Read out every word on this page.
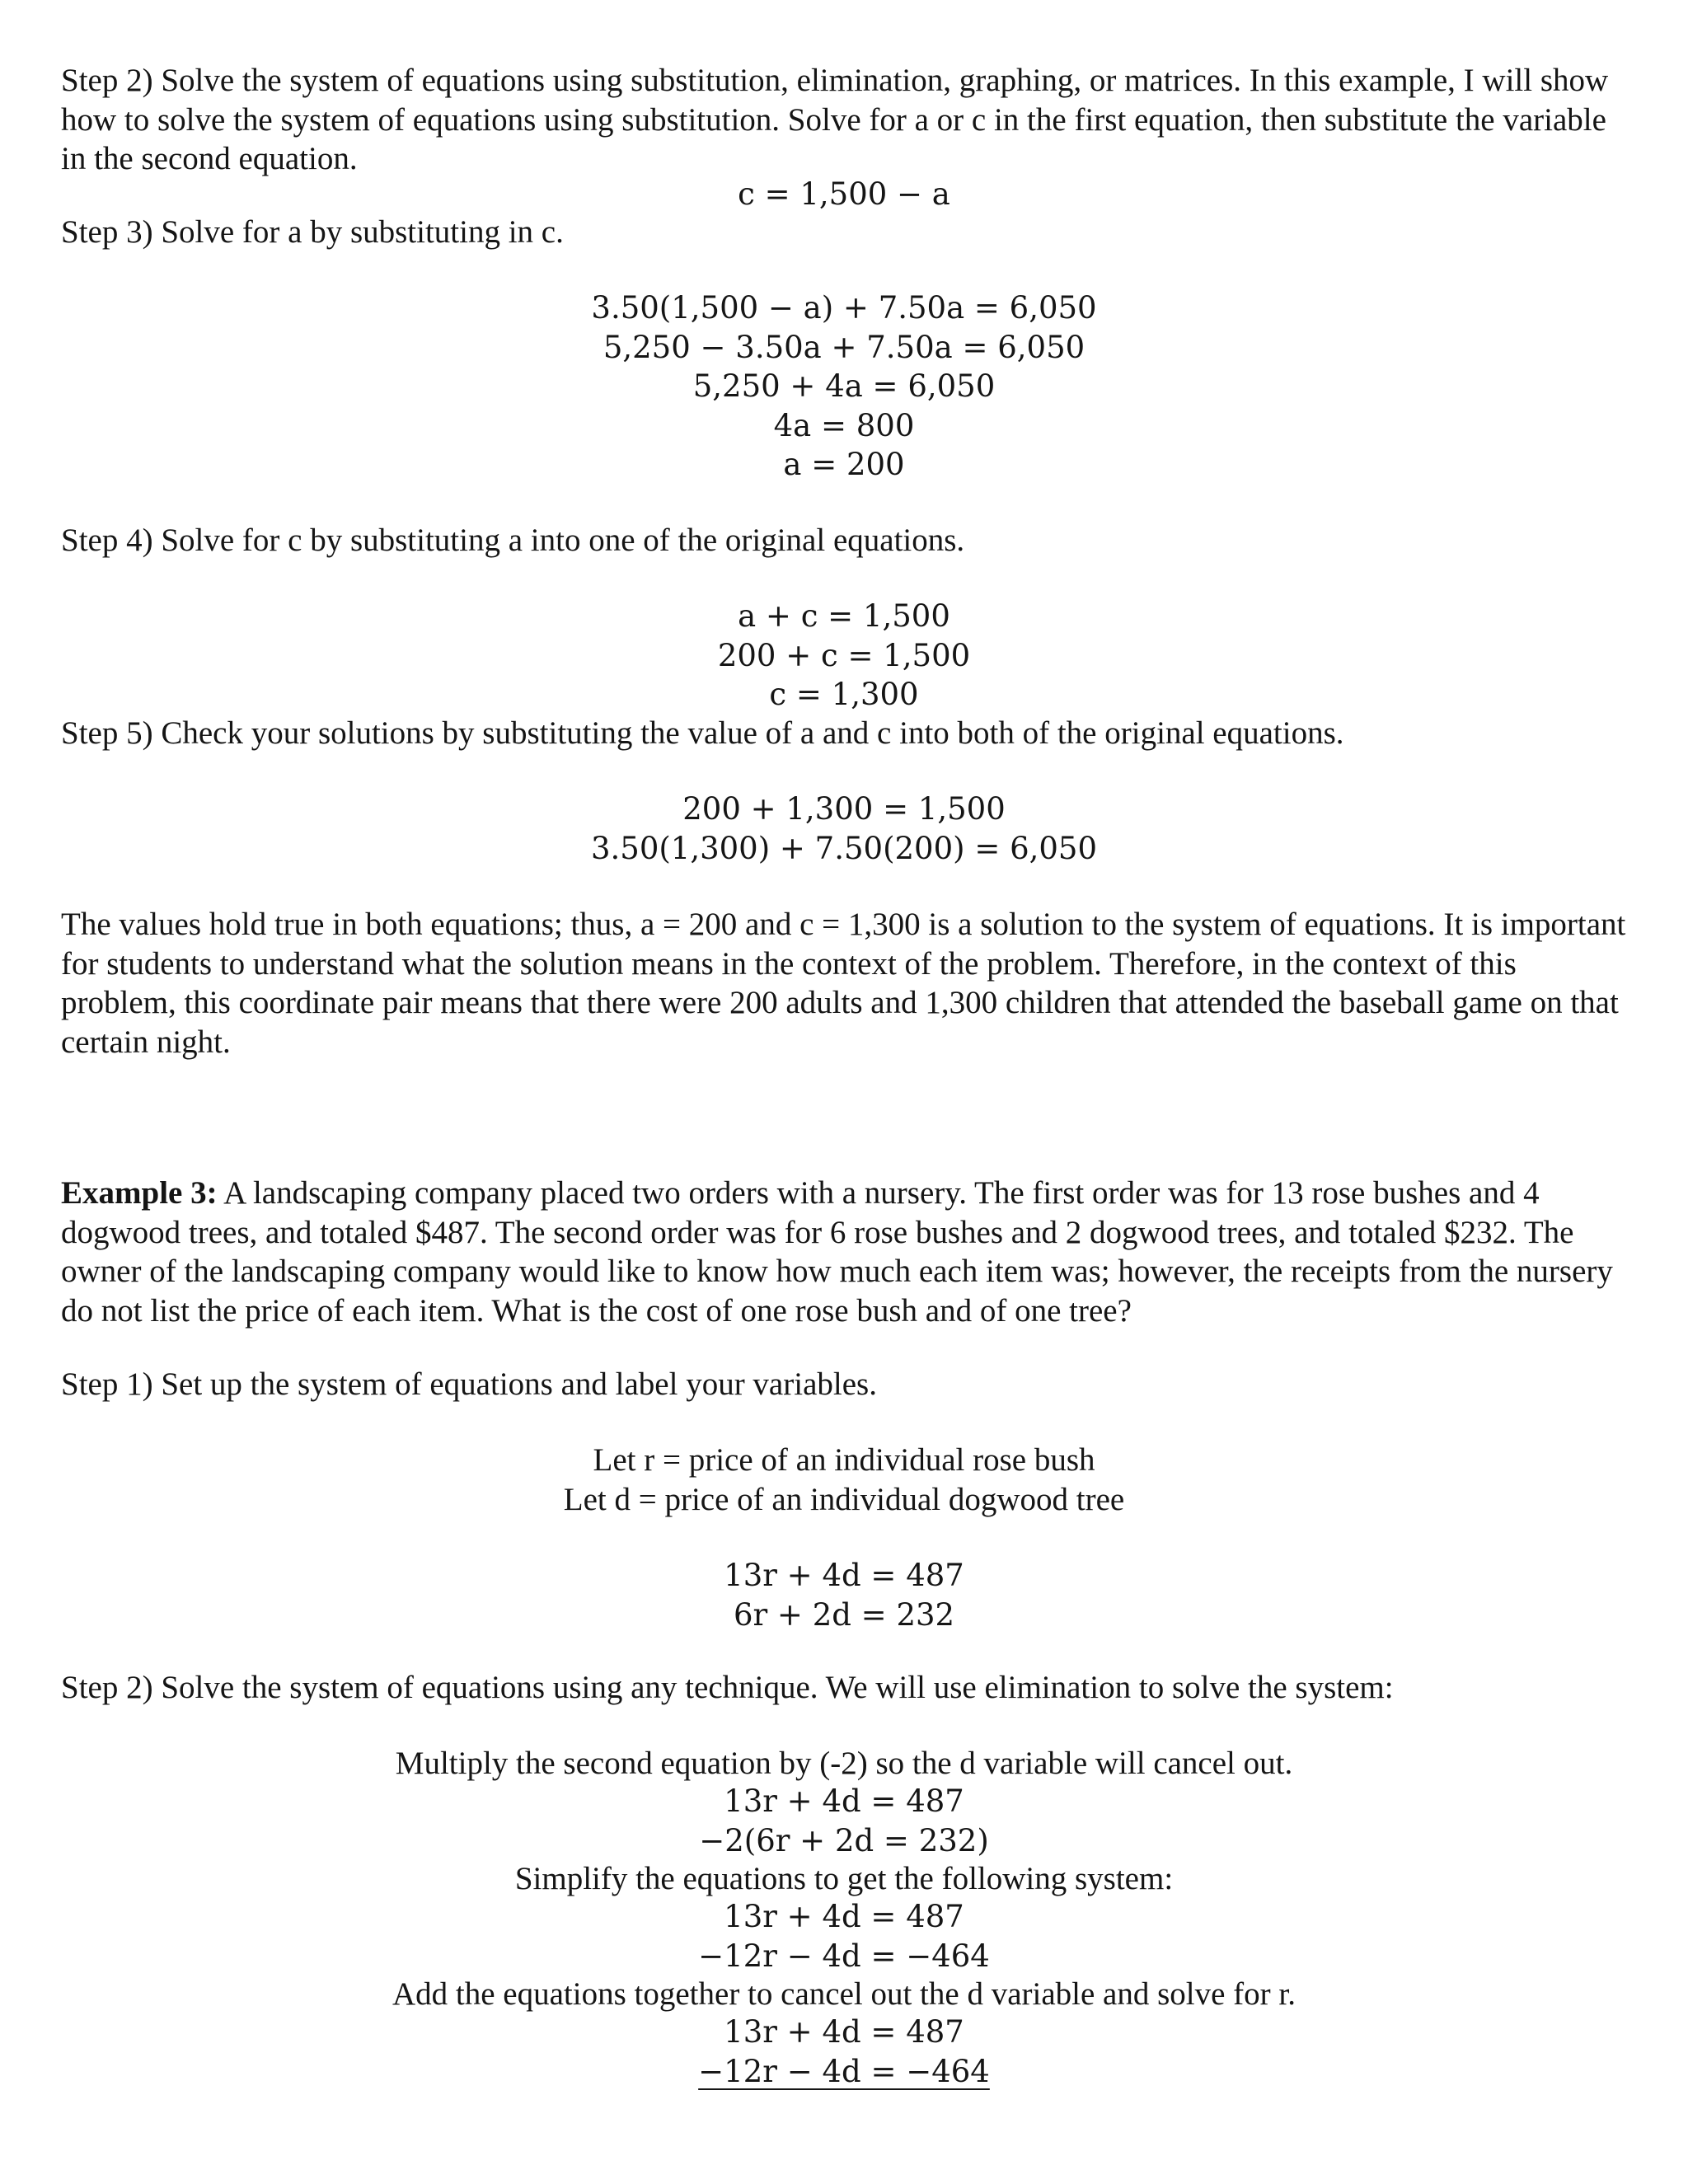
Step 2) Solve the system of equations using substitution, elimination, graphing, or matrices. In this example, I will show how to solve the system of equations using substitution. Solve for a or c in the first equation, then substitute the variable in the second equation.
c = 1,500 − a
Step 3) Solve for a by substituting in c.
3.50(1,500 − a) + 7.50a = 6,050
5,250 − 3.50a + 7.50a = 6,050
5,250 + 4a = 6,050
4a = 800
a = 200
Step 4) Solve for c by substituting a into one of the original equations.
a + c = 1,500
200 + c = 1,500
c = 1,300
Step 5) Check your solutions by substituting the value of a and c into both of the original equations.
200 + 1,300 = 1,500
3.50(1,300) + 7.50(200) = 6,050
The values hold true in both equations; thus, a = 200 and c = 1,300 is a solution to the system of equations. It is important for students to understand what the solution means in the context of the problem. Therefore, in the context of this problem, this coordinate pair means that there were 200 adults and 1,300 children that attended the baseball game on that certain night.
Example 3: A landscaping company placed two orders with a nursery. The first order was for 13 rose bushes and 4 dogwood trees, and totaled $487. The second order was for 6 rose bushes and 2 dogwood trees, and totaled $232. The owner of the landscaping company would like to know how much each item was; however, the receipts from the nursery do not list the price of each item. What is the cost of one rose bush and of one tree?
Step 1) Set up the system of equations and label your variables.
Let r = price of an individual rose bush
Let d = price of an individual dogwood tree
13r + 4d = 487
6r + 2d = 232
Step 2) Solve the system of equations using any technique. We will use elimination to solve the system:
Multiply the second equation by (-2) so the d variable will cancel out.
13r + 4d = 487
−2(6r + 2d = 232)
Simplify the equations to get the following system:
13r + 4d = 487
−12r − 4d = −464
Add the equations together to cancel out the d variable and solve for r.
13r + 4d = 487
−12r − 4d = −464
